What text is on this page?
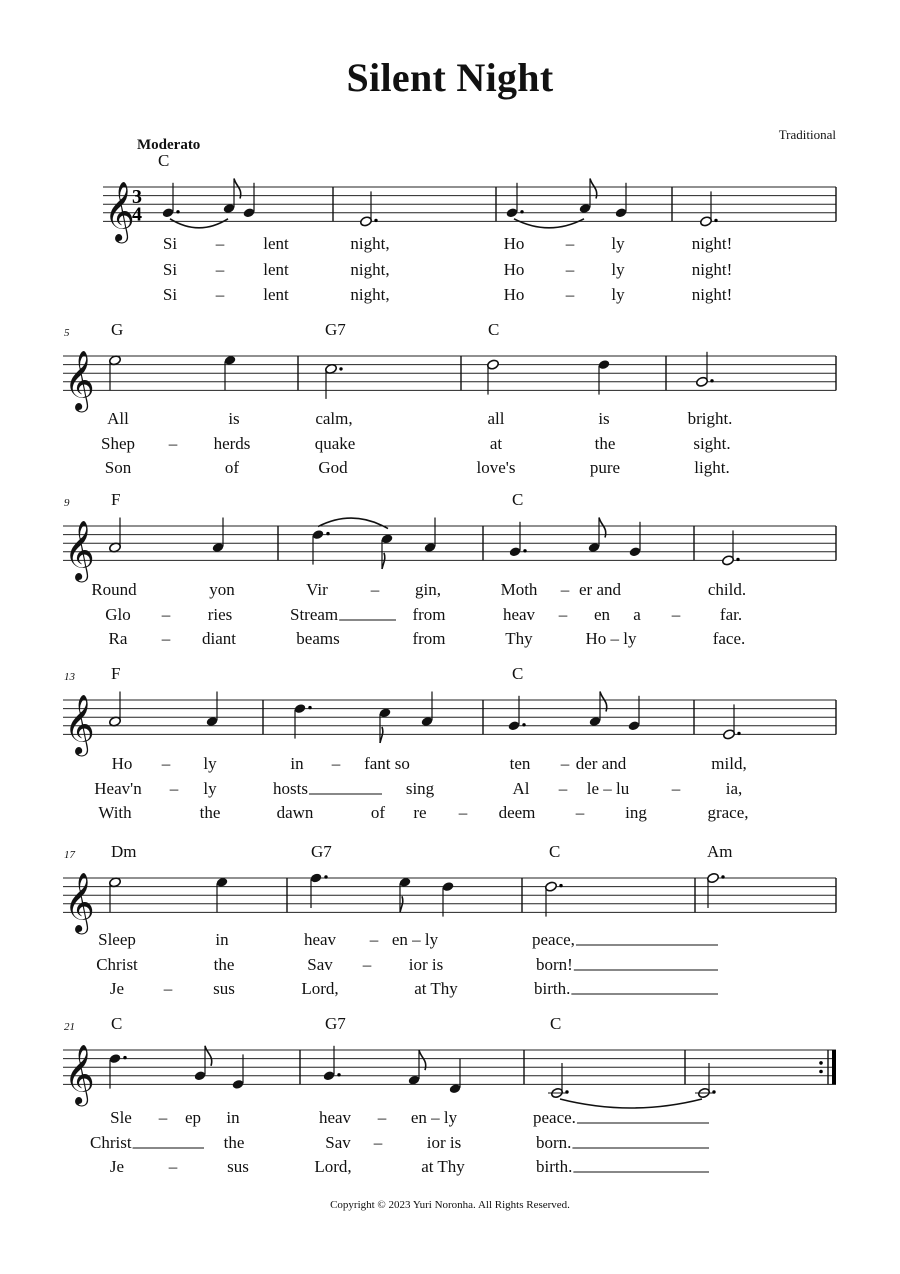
Silent Night
Traditional
Moderato
𝄞
3
4
C
Si – lent	night,	Ho – ly	night!
Si – lent	night,	Ho – ly	night!
Si – lent	night,	Ho – ly	night!
𝄞
5 G	G7	C
All	is	calm,	all	is	bright.
Shep – herds	quake	at	the	sight.
Son	of	God	love's	pure	light.
𝄞
9 F	C
Round	yon	Vir	– gin,	Moth – er and	child.
Glo – ries	Stream	from	heav – en a – far.
Ra – diant	beams	from	Thy	Ho – ly	face.
𝄞
13 F	C
Ho – ly	in – fant so	ten – der and	mild,
Heav'n – ly	hosts	sing	Al – le – lu	–	ia,
With	the	dawn	of re – deem – ing	grace,
𝄞
17 Dm	G7	C	Am
Sleep	in	heav – en – ly	peace,
Christ	the	Sav – ior is	born!
Je – sus	Lord,	at Thy	birth.
𝄞
21 C	G7	C
Sle – ep in	heav – en – ly	peace.
Christ	the	Sav –	ior is	born.
Je	–	sus	Lord,	at Thy	birth.
Copyright © 2023 Yuri Noronha. All Rights Reserved.
